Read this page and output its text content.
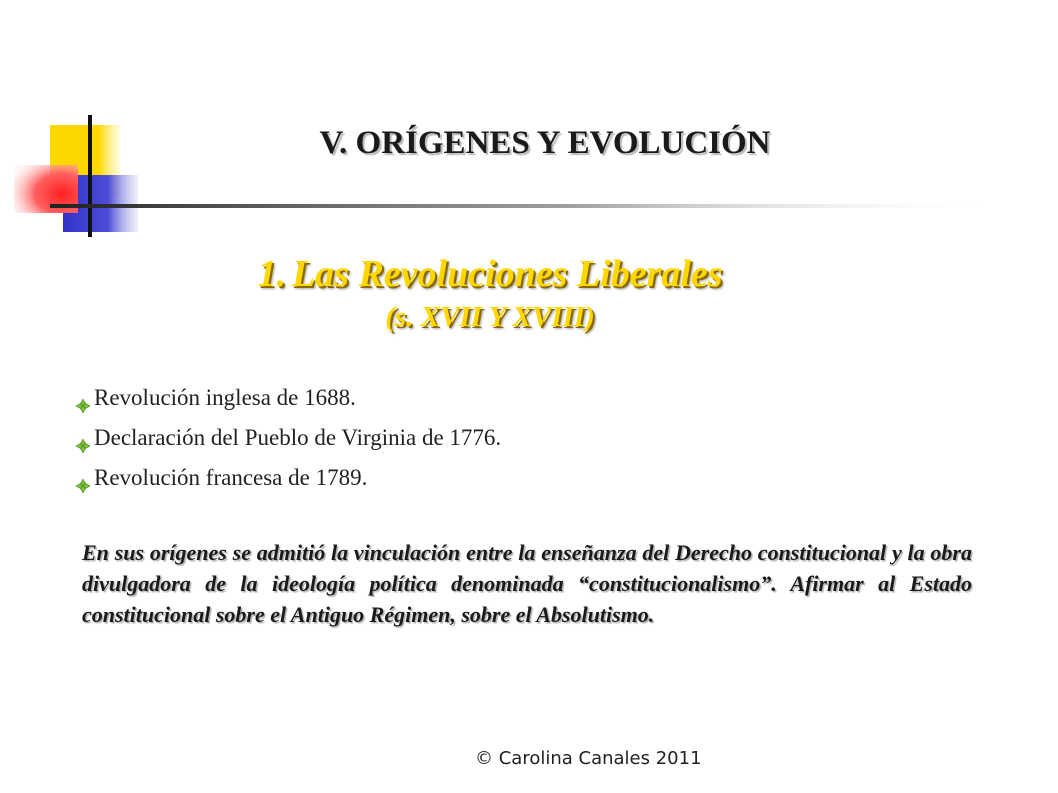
V. ORÍGENES Y EVOLUCIÓN
1. Las Revoluciones Liberales
(s. XVII Y XVIII)
Revolución inglesa de 1688.
Declaración del Pueblo de Virginia de 1776.
Revolución francesa de 1789.
En sus orígenes se admitió la vinculación entre la enseñanza del Derecho constitucional y la obra divulgadora de la ideología política denominada “constitucionalismo”. Afirmar al Estado constitucional sobre el Antiguo Régimen, sobre el Absolutismo.
© Carolina Canales 2011
